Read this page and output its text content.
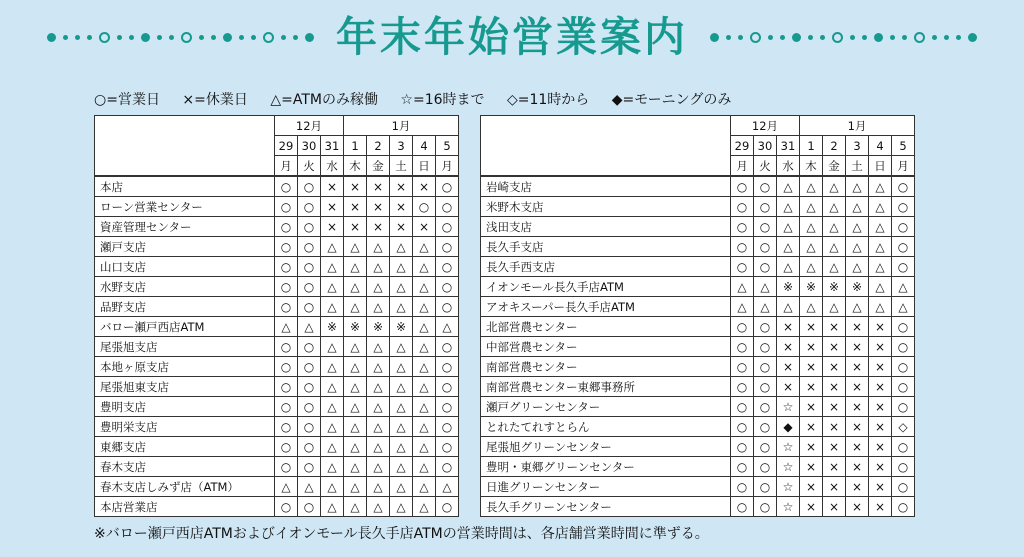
年末年始営業案内
○=営業日 ×=休業日 △=ATMのみ稼働 ☆=16時まで ◇=11時から ◆=モーニングのみ
	12月			1月				
	29	30	31	1	2	3	4	5
	月	火	水	木	金	土	日	月
本店	○	○	×	×	×	×	×	○
ローン営業センター	○	○	×	×	×	×	○	○
資産管理センター	○	○	×	×	×	×	×	○
瀬戸支店	○	○	△	△	△	△	△	○
山口支店	○	○	△	△	△	△	△	○
水野支店	○	○	△	△	△	△	△	○
品野支店	○	○	△	△	△	△	△	○
バロー瀬戸西店ATM	△	△	※	※	※	※	△	△
尾張旭支店	○	○	△	△	△	△	△	○
本地ヶ原支店	○	○	△	△	△	△	△	○
尾張旭東支店	○	○	△	△	△	△	△	○
豊明支店	○	○	△	△	△	△	△	○
豊明栄支店	○	○	△	△	△	△	△	○
東郷支店	○	○	△	△	△	△	△	○
春木支店	○	○	△	△	△	△	△	○
春木支店しみず店（ATM）	△	△	△	△	△	△	△	△
本店営業店	○	○	△	△	△	△	△	○
	12月			1月				
	29	30	31	1	2	3	4	5
	月	火	水	木	金	土	日	月
岩崎支店	○	○	△	△	△	△	△	○
米野木支店	○	○	△	△	△	△	△	○
浅田支店	○	○	△	△	△	△	△	○
長久手支店	○	○	△	△	△	△	△	○
長久手西支店	○	○	△	△	△	△	△	○
イオンモール長久手店ATM	△	△	※	※	※	※	△	△
アオキスーパー長久手店ATM	△	△	△	△	△	△	△	△
北部営農センター	○	○	×	×	×	×	×	○
中部営農センター	○	○	×	×	×	×	×	○
南部営農センター	○	○	×	×	×	×	×	○
南部営農センター東郷事務所	○	○	×	×	×	×	×	○
瀬戸グリーンセンター	○	○	☆	×	×	×	×	○
とれたてれすとらん	○	○	◆	×	×	×	×	◇
尾張旭グリーンセンター	○	○	☆	×	×	×	×	○
豊明・東郷グリーンセンター	○	○	☆	×	×	×	×	○
日進グリーンセンター	○	○	☆	×	×	×	×	○
長久手グリーンセンター	○	○	☆	×	×	×	×	○
※バロー瀬戸西店ATMおよびイオンモール長久手店ATMの営業時間は、各店舗営業時間に準ずる。
